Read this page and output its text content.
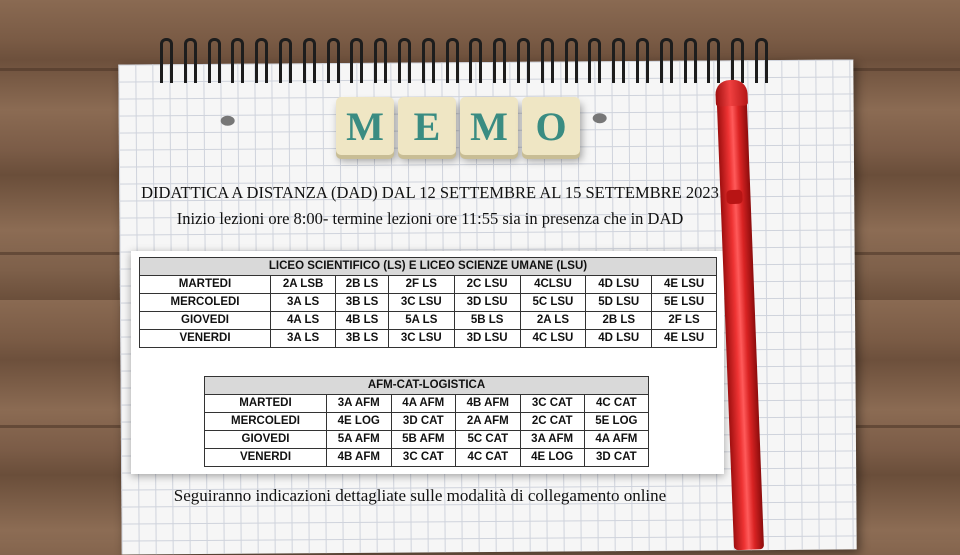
M E M O
DIDATTICA A DISTANZA (DAD) DAL 12 SETTEMBRE AL 15 SETTEMBRE 2023
Inizio lezioni ore 8:00- termine lezioni ore 11:55 sia in presenza che in DAD
LICEO SCIENTIFICO (LS) E LICEO SCIENZE UMANE (LSU)							
MARTEDI	2A LSB	2B LS	2F LS	2C LSU	4CLSU	4D LSU	4E LSU
MERCOLEDI	3A LS	3B LS	3C LSU	3D LSU	5C LSU	5D LSU	5E LSU
GIOVEDI	4A LS	4B LS	5A LS	5B LS	2A LS	2B LS	2F LS
VENERDI	3A LS	3B LS	3C LSU	3D LSU	4C LSU	4D LSU	4E LSU
AFM-CAT-LOGISTICA					
MARTEDI	3A AFM	4A AFM	4B AFM	3C CAT	4C CAT
MERCOLEDI	4E LOG	3D CAT	2A AFM	2C CAT	5E LOG
GIOVEDI	5A AFM	5B AFM	5C CAT	3A AFM	4A AFM
VENERDI	4B AFM	3C CAT	4C CAT	4E LOG	3D CAT
Seguiranno indicazioni dettagliate sulle modalità di collegamento online
